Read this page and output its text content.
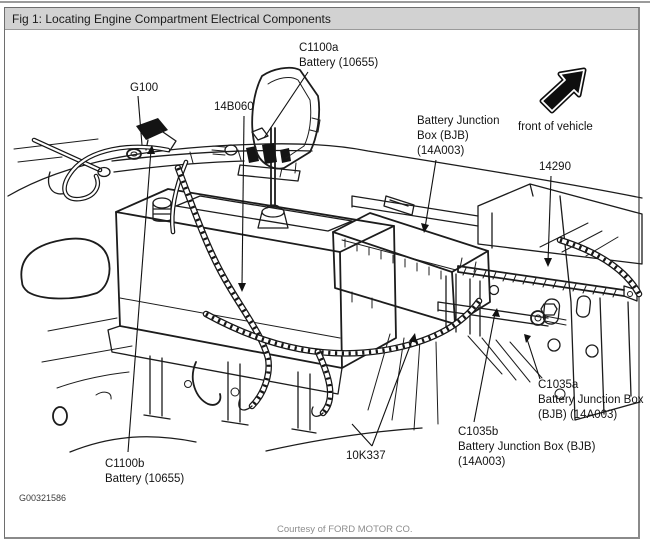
Fig 1: Locating Engine Compartment Electrical Components
G100
14B060
C1100a
Battery (10655)
Battery Junction
Box (BJB)
(14A003)
front of vehicle
14290
C1035a
Battery Junction Box
(BJB) (14A003)
C1035b
Battery Junction Box (BJB)
(14A003)
10K337
C1100b
Battery (10655)
G00321586
Courtesy of FORD MOTOR CO.
